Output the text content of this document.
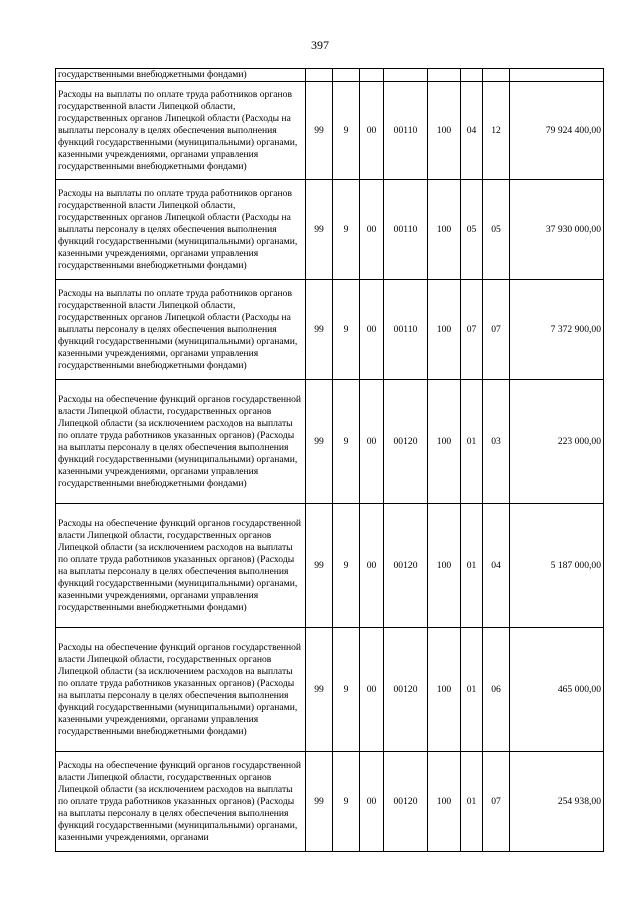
397
государственными внебюджетными фондами)								
Расходы на выплаты по оплате труда работников органов государственной власти Липецкой области, государственных органов Липецкой области (Расходы на выплаты персоналу в целях обеспечения выполнения функций государственными (муниципальными) органами, казенными учреждениями, органами управления государственными внебюджетными фондами)	99	9	00	00110	100	04	12	79 924 400,00
Расходы на выплаты по оплате труда работников органов государственной власти Липецкой области, государственных органов Липецкой области (Расходы на выплаты персоналу в целях обеспечения выполнения функций государственными (муниципальными) органами, казенными учреждениями, органами управления государственными внебюджетными фондами)	99	9	00	00110	100	05	05	37 930 000,00
Расходы на выплаты по оплате труда работников органов государственной власти Липецкой области, государственных органов Липецкой области (Расходы на выплаты персоналу в целях обеспечения выполнения функций государственными (муниципальными) органами, казенными учреждениями, органами управления государственными внебюджетными фондами)	99	9	00	00110	100	07	07	7 372 900,00
Расходы на обеспечение функций органов государственной власти Липецкой области, государственных органов Липецкой области (за исключением расходов на выплаты по оплате труда работников указанных органов) (Расходы на выплаты персоналу в целях обеспечения выполнения функций государственными (муниципальными) органами, казенными учреждениями, органами управления государственными внебюджетными фондами)	99	9	00	00120	100	01	03	223 000,00
Расходы на обеспечение функций органов государственной власти Липецкой области, государственных органов Липецкой области (за исключением расходов на выплаты по оплате труда работников указанных органов) (Расходы на выплаты персоналу в целях обеспечения выполнения функций государственными (муниципальными) органами, казенными учреждениями, органами управления государственными внебюджетными фондами)	99	9	00	00120	100	01	04	5 187 000,00
Расходы на обеспечение функций органов государственной власти Липецкой области, государственных органов Липецкой области (за исключением расходов на выплаты по оплате труда работников указанных органов) (Расходы на выплаты персоналу в целях обеспечения выполнения функций государственными (муниципальными) органами, казенными учреждениями, органами управления государственными внебюджетными фондами)	99	9	00	00120	100	01	06	465 000,00
Расходы на обеспечение функций органов государственной власти Липецкой области, государственных органов Липецкой области (за исключением расходов на выплаты по оплате труда работников указанных органов) (Расходы на выплаты персоналу в целях обеспечения выполнения функций государственными (муниципальными) органами, казенными учреждениями, органами	99	9	00	00120	100	01	07	254 938,00
